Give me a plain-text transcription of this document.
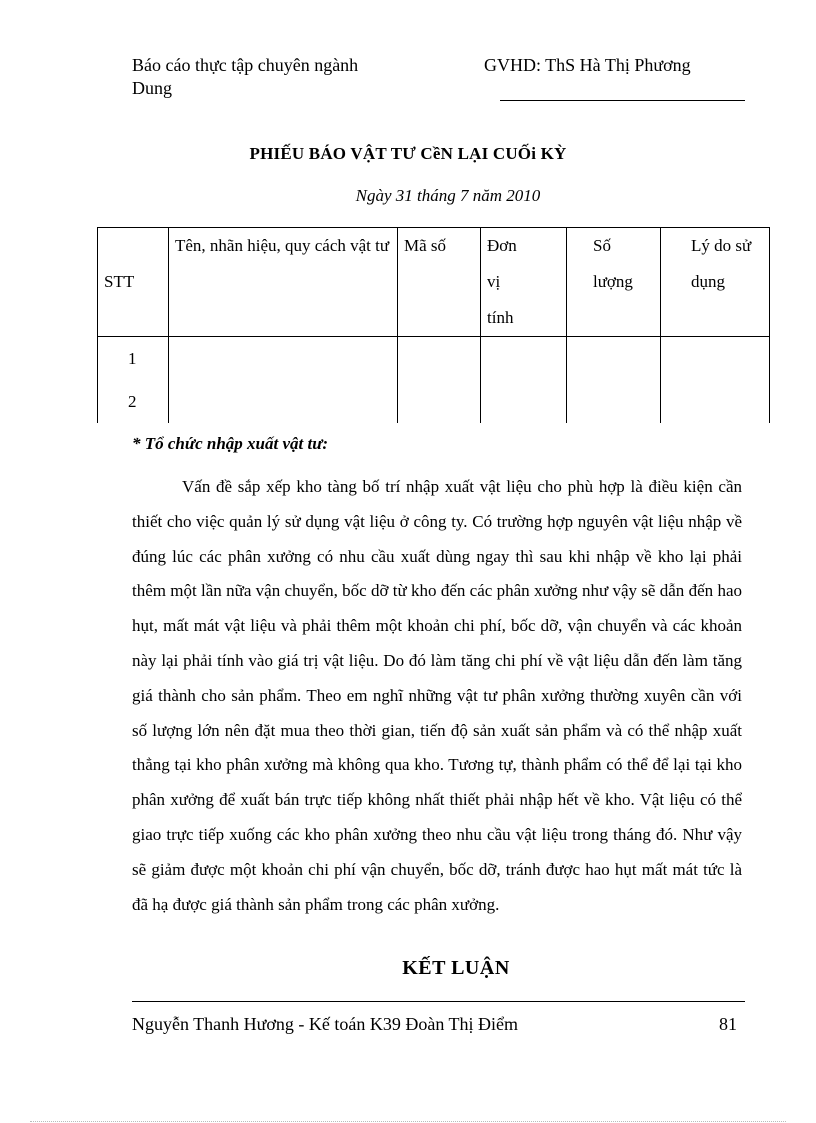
Báo cáo thực tập chuyên ngành	GVHD: ThS Hà Thị Phương
Dung
PHIẾU BÁO VẬT TƯ CềN LẠI CUỐi KỲ
Ngày 31 tháng 7 năm 2010
STT	Tên, nhãn hiệu, quy cách vật tư	Mã số	Đơn vị tính	Số lượng	Lý do sử dụng

1
2					

* Tổ chức nhập xuất vật tư:
Vấn đề sắp xếp kho tàng bố trí nhập xuất vật liệu cho phù hợp là điều kiện cần thiết cho việc quản lý sử dụng vật liệu ở công ty. Có trường hợp nguyên vật liệu nhập về đúng lúc các phân xưởng có nhu cầu xuất dùng ngay thì sau khi nhập về kho lại phải thêm một lần nữa vận chuyển, bốc dỡ từ kho đến các phân xưởng như vậy sẽ dẫn đến hao hụt, mất mát vật liệu và phải thêm một khoản chi phí, bốc dỡ, vận chuyển và các khoản này lại phải tính vào giá trị vật liệu. Do đó làm tăng chi phí về vật liệu dẫn đến làm tăng giá thành cho sản phẩm. Theo em nghĩ những vật tư phân xưởng thường xuyên cần với số lượng lớn nên đặt mua theo thời gian, tiến độ sản xuất sản phẩm và có thể nhập xuất thẳng tại kho phân xưởng mà không qua kho. Tương tự, thành phẩm có thể để lại tại kho phân xưởng để xuất bán trực tiếp không nhất thiết phải nhập hết về kho. Vật liệu có thể giao trực tiếp xuống các kho phân xưởng theo nhu cầu vật liệu trong tháng đó. Như vậy sẽ giảm được một khoản chi phí vận chuyển, bốc dỡ, tránh được hao hụt mất mát tức là đã hạ được giá thành sản phẩm trong các phân xưởng.
KẾT LUẬN
Nguyễn Thanh Hương - Kế toán K39 Đoàn Thị Điểm	81
